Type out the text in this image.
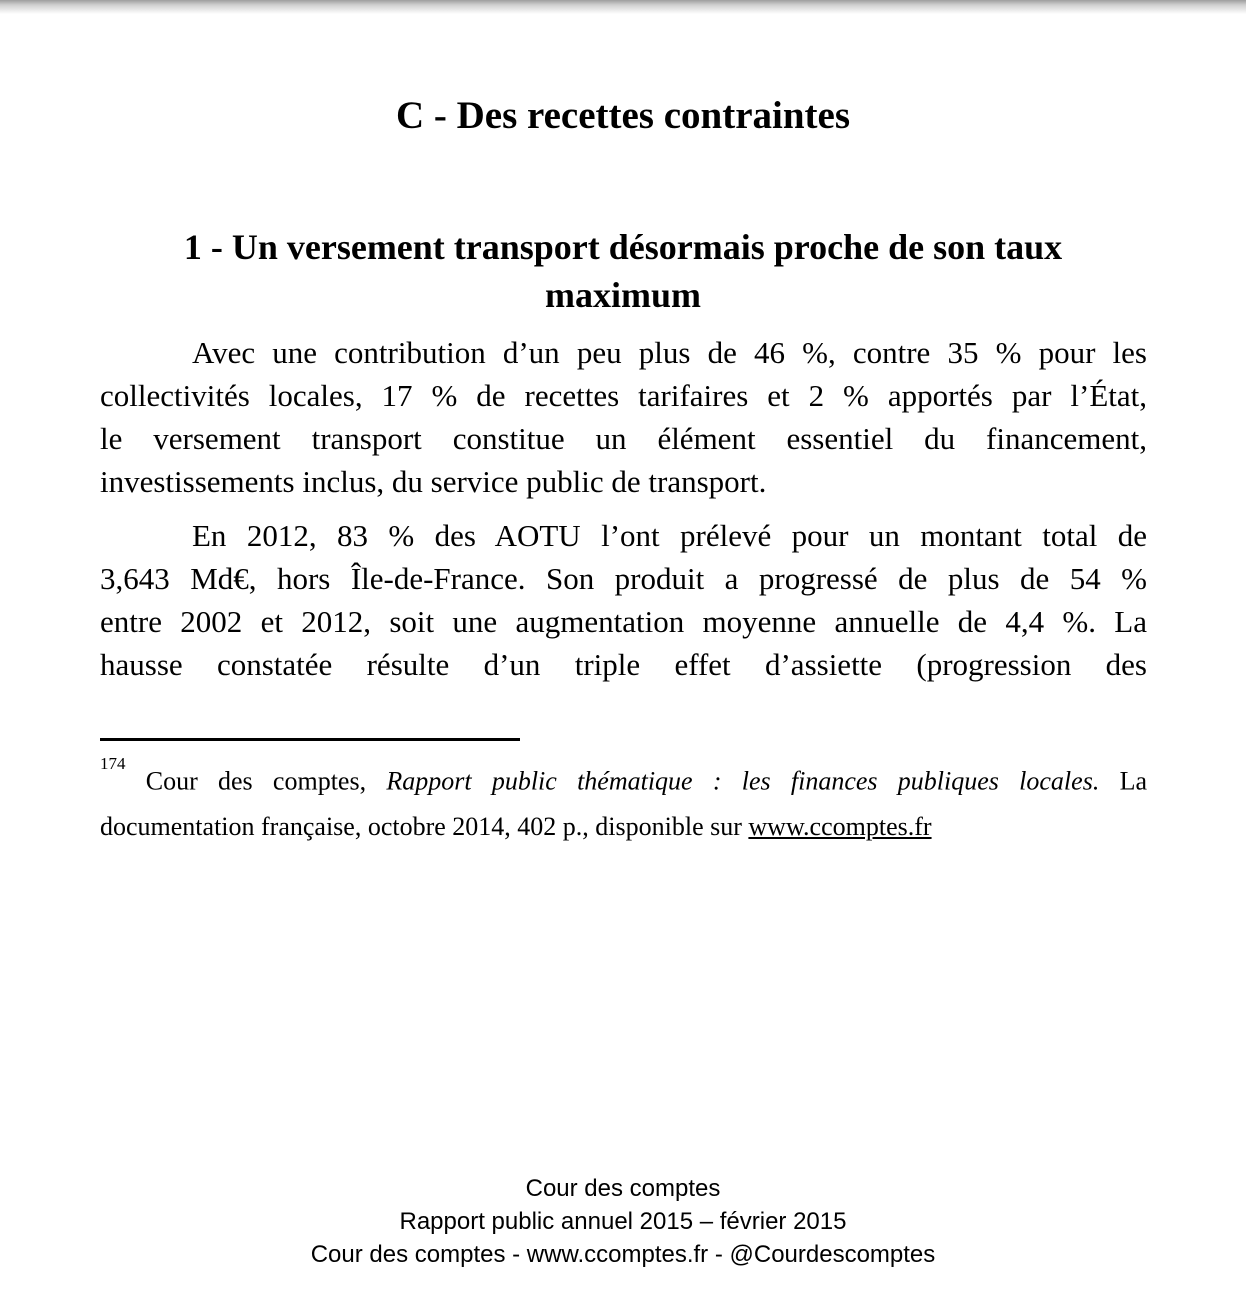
C - Des recettes contraintes
1 - Un versement transport désormais proche de son taux maximum
Avec une contribution d’un peu plus de 46 %, contre 35 % pour les
collectivités locales, 17 % de recettes tarifaires et 2 % apportés par l’État,
le versement transport constitue un élément essentiel du financement,
investissements inclus, du service public de transport.
En 2012, 83 % des AOTU l’ont prélevé pour un montant total de
3,643 Md€, hors Île-de-France. Son produit a progressé de plus de 54 %
entre 2002 et 2012, soit une augmentation moyenne annuelle de 4,4 %. La
hausse constatée résulte d’un triple effet d’assiette (progression des
$^{174}$ Cour des comptes, Rapport public thématique : les finances publiques locales. La
documentation française, octobre 2014, 402 p., disponible sur www.ccomptes.fr
Cour des comptes
Rapport public annuel 2015 – février 2015
Cour des comptes - www.ccomptes.fr - @Courdescomptes
